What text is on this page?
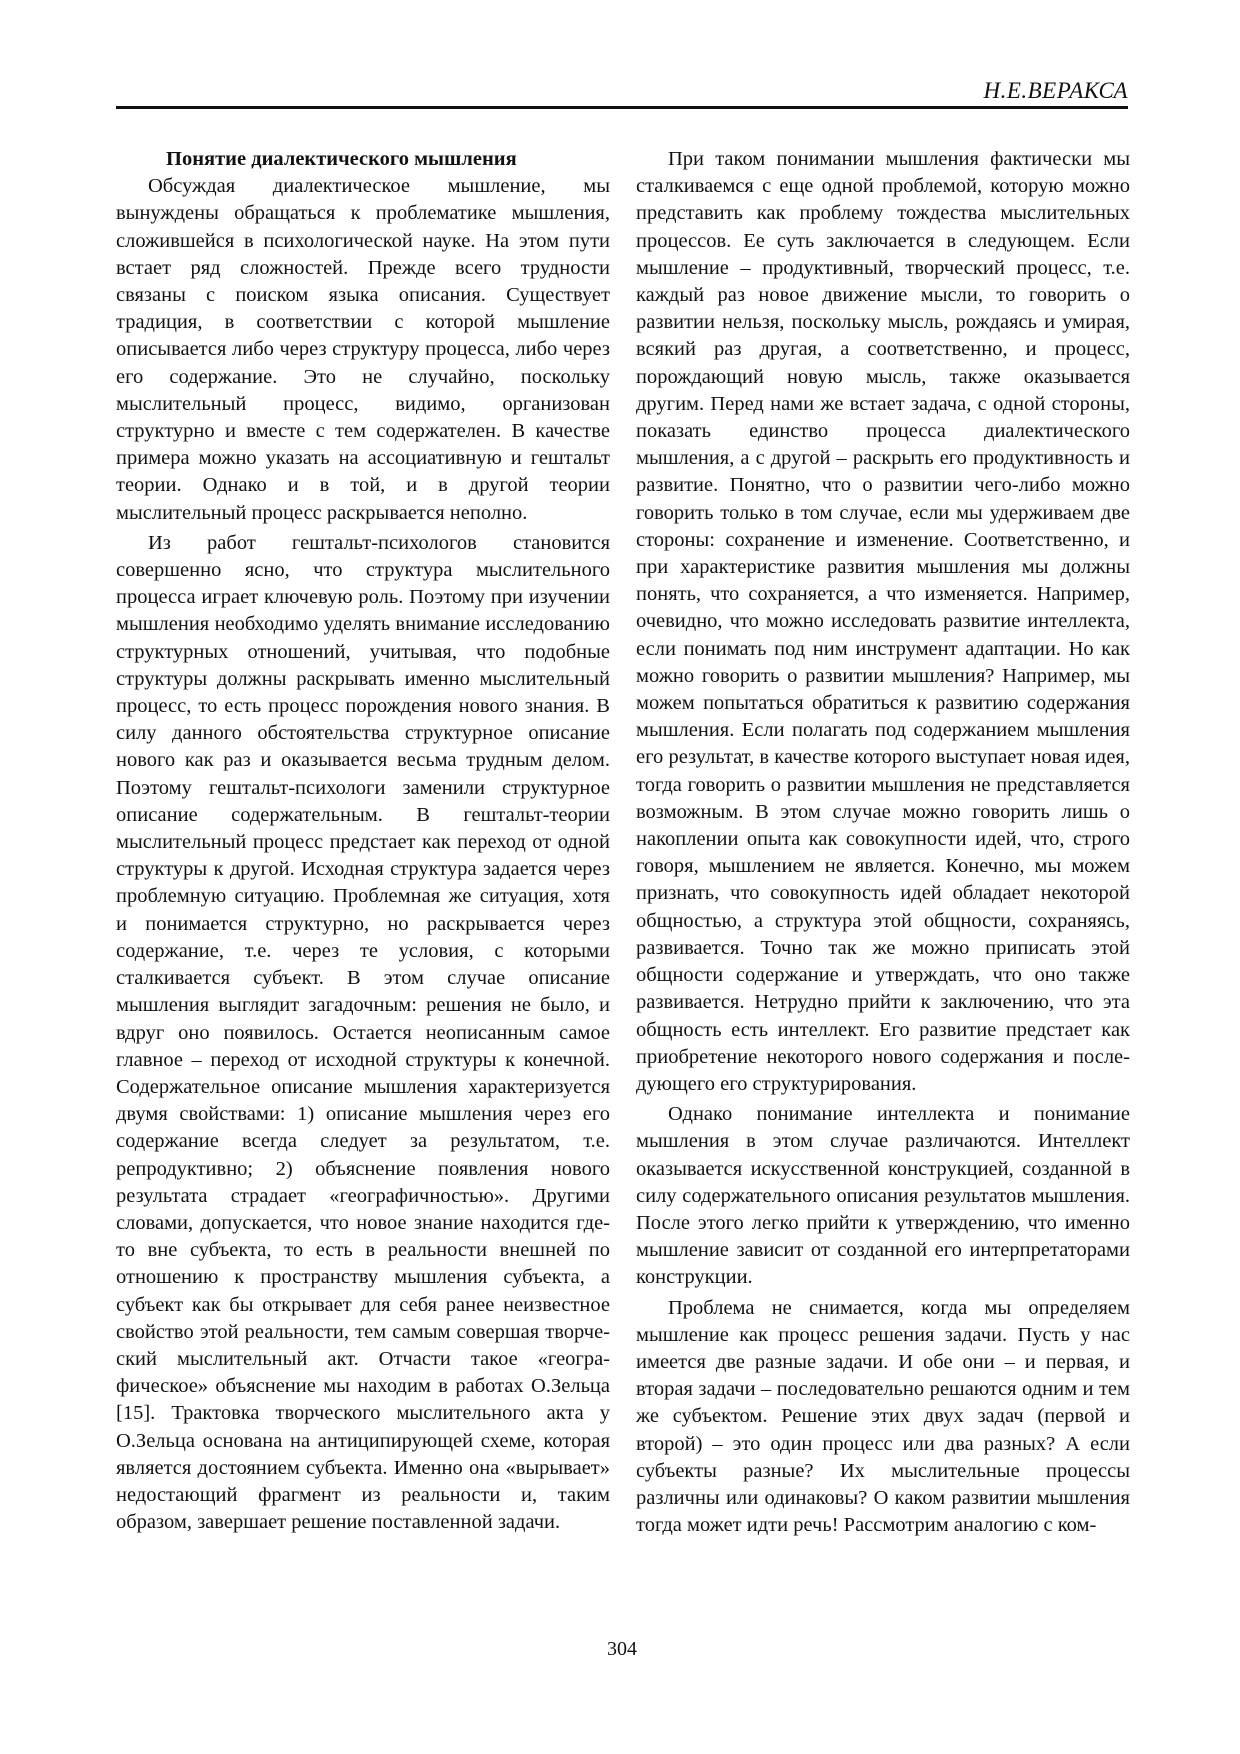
Н.Е.ВЕРАКСА
Понятие диалектического мышления

Обсуждая диалектическое мышление, мы вынуждены обращаться к проблематике мышления, сложившейся в психологической науке. На этом пути встает ряд сложностей. Прежде всего трудности связаны с поиском языка описания. Существует традиция, в соответствии с которой мышление описывается либо через структуру процесса, либо через его содержание. Это не случайно, поскольку мыслительный процесс, видимо, организован структурно и вместе с тем содержателен. В качестве примера можно указать на ассоциативную и гештальт теории. Однако и в той, и в другой теории мыслительный процесс раскрывается неполно.

Из работ гештальт-психологов становится совершенно ясно, что структура мыслительного процесса играет ключевую роль. Поэтому при изучении мышления необходимо уделять внимание исследованию структурных отношений, учитывая, что подобные структуры должны раскрывать именно мыслительный процесс, то есть процесс порождения нового знания. В силу данного обстоятельства структурное описание нового как раз и оказывается весьма трудным делом. Поэтому гештальт-психологи заменили структурное описание содержательным. В гештальт-теории мыслительный процесс предстает как переход от одной структуры к другой. Исходная структура задается через проблемную ситуацию. Проблемная же ситуация, хотя и понимается структурно, но раскрывается через содержание, т.е. через те условия, с которыми сталкивается субъект. В этом случае описание мышления выглядит загадочным: решения не было, и вдруг оно появилось. Остается неописанным самое главное – переход от исходной структуры к конечной. Содержательное описание мышления характеризуется двумя свойствами: 1) описание мышления через его содержание всегда следует за результатом, т.е. репродуктивно; 2) объяснение появления нового результата страдает «географичностью». Другими словами, допускается, что новое знание находится где-то вне субъекта, то есть в реальности внешней по отношению к пространству мышления субъекта, а субъект как бы открывает для себя ранее неизвестное свойство этой реальности, тем самым совершая творческий мыслительный акт. Отчасти такое «географическое» объяснение мы находим в работах О.Зельца [15]. Трактовка творческого мыслительного акта у О.Зельца основана на антиципирующей схеме, которая является достоянием субъекта. Именно она «вырывает» недостающий фрагмент из реальности и, таким образом, завершает решение поставленной задачи.

При таком понимании мышления фактически мы сталкиваемся с еще одной проблемой, которую можно представить как проблему тождества мыслительных процессов. Ее суть заключается в следующем. Если мышление – продуктивный, творческий процесс, т.е. каждый раз новое движение мысли, то говорить о развитии нельзя, поскольку мысль, рождаясь и умирая, всякий раз другая, а соответственно, и процесс, порождающий новую мысль, также оказывается другим. Перед нами же встает задача, с одной стороны, показать единство процесса диалектического мышления, а с другой – раскрыть его продуктивность и развитие. Понятно, что о развитии чего-либо можно говорить только в том случае, если мы удерживаем две стороны: сохранение и изменение. Соответственно, и при характеристике развития мышления мы должны понять, что сохраняется, а что изменяется. Например, очевидно, что можно исследовать развитие интеллекта, если понимать под ним инструмент адаптации. Но как можно говорить о развитии мышления? Например, мы можем попытаться обратиться к развитию содержания мышления. Если полагать под содержанием мышления его результат, в качестве которого выступает новая идея, тогда говорить о развитии мышления не представляется возможным. В этом случае можно говорить лишь о накоплении опыта как совокупности идей, что, строго говоря, мышлением не является. Конечно, мы можем признать, что совокупность идей обладает некоторой общностью, а структура этой общности, сохраняясь, развивается. Точно так же можно приписать этой общности содержание и утверждать, что оно также развивается. Нетрудно прийти к заключению, что эта общность есть интеллект. Его развитие предстает как приобретение некоторого нового содержания и последующего его структурирования.

Однако понимание интеллекта и понимание мышления в этом случае различаются. Интеллект оказывается искусственной конструкцией, созданной в силу содержательного описания результатов мышления. После этого легко прийти к утверждению, что именно мышление зависит от созданной его интерпретаторами конструкции.

Проблема не снимается, когда мы определяем мышление как процесс решения задачи. Пусть у нас имеется две разные задачи. И обе они – и первая, и вторая задачи – последовательно решаются одним и тем же субъектом. Решение этих двух задач (первой и второй) – это один процесс или два разных? А если субъекты разные? Их мыслительные процессы различны или одинаковы? О каком развитии мышления тогда может идти речь! Рассмотрим аналогию с ком-

304
